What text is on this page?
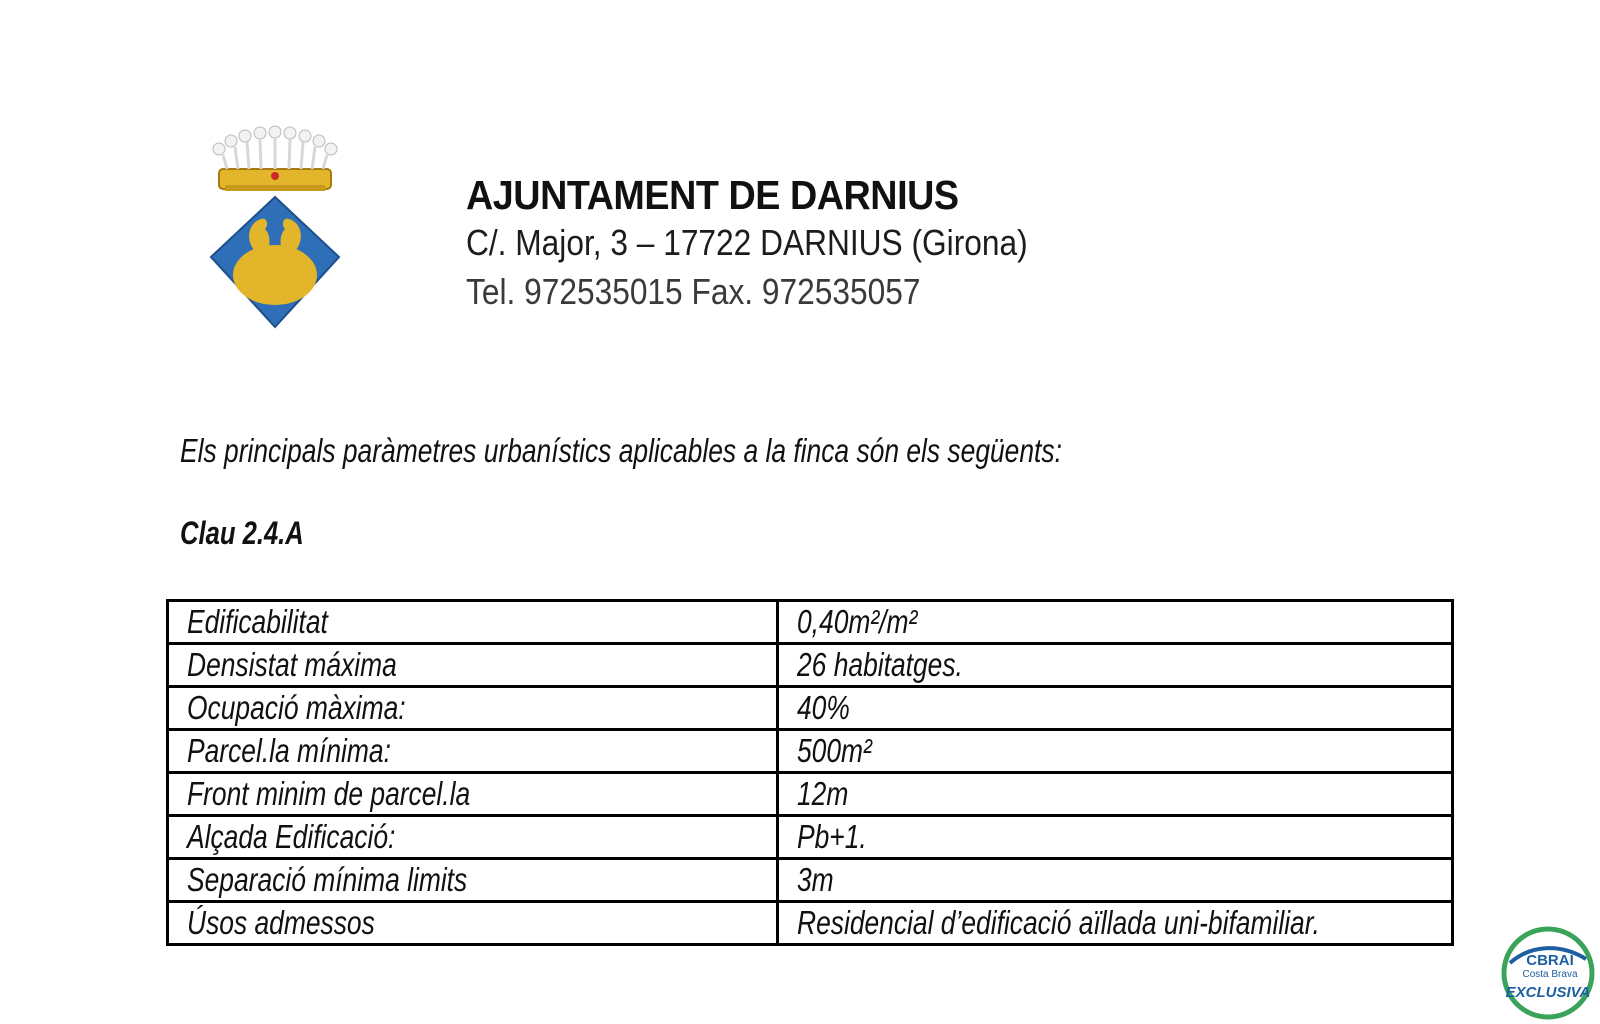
AJUNTAMENT DE DARNIUS
C/. Major, 3 – 17722 DARNIUS (Girona)
Tel. 972535015 Fax. 972535057
Els principals paràmetres urbanístics aplicables a la finca són els següents:
Clau 2.4.A
Edificabilitat	0,40m²/m²
Densistat máxima	26 habitatges.
Ocupació màxima:	40%
Parcel.la mínima:	500m²
Front minim de parcel.la	12m
Alçada Edificació:	Pb+1.
Separació mínima limits	3m
Úsos admessos	Residencial d’edificació aïllada uni-bifamiliar.
CBRAI
Costa Brava
EXCLUSIVA
